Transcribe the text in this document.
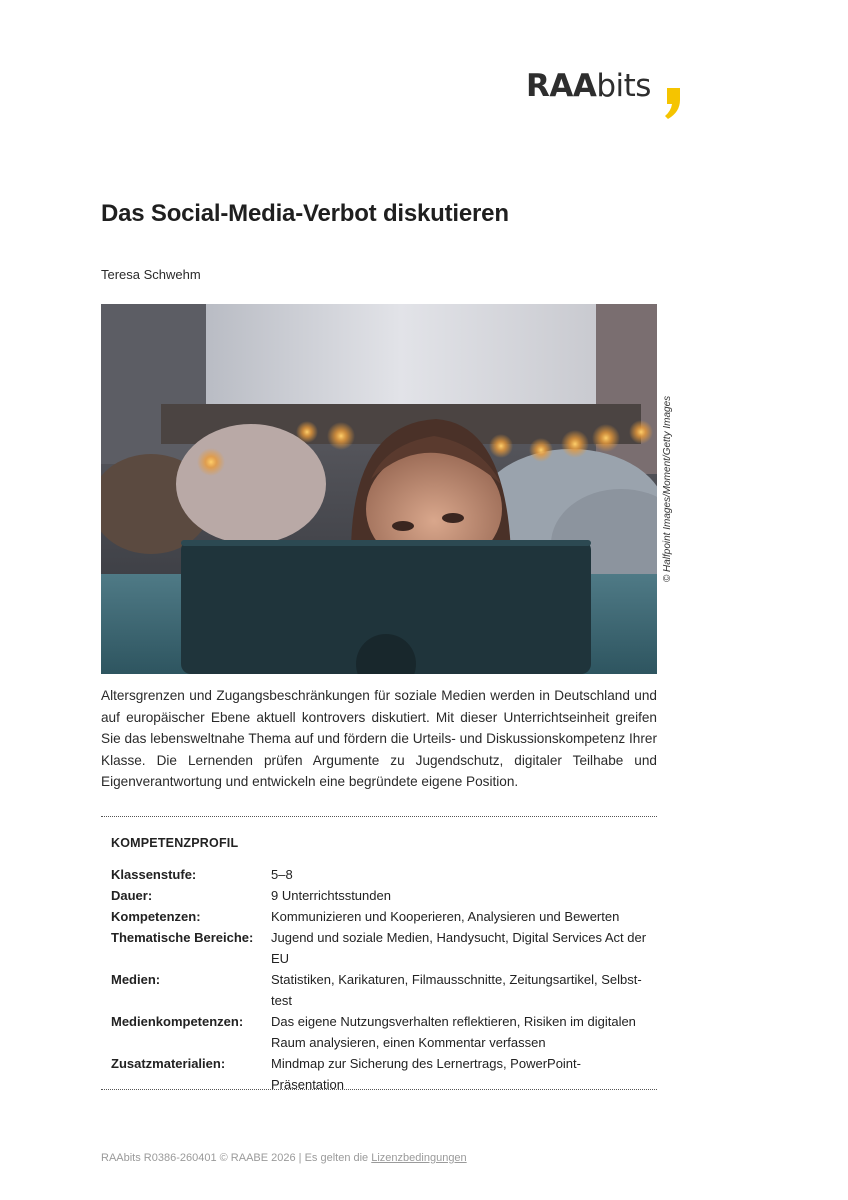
RAAbits
Das Social-Media-Verbot diskutieren
Teresa Schwehm
© Halfpoint Images/Moment/Getty Images

Altersgrenzen und Zugangsbeschränkungen für soziale Medien werden in Deutschland und auf europäischer Ebene aktuell kontrovers diskutiert. Mit dieser Unterrichtseinheit greifen Sie das lebensweltnahe Thema auf und fördern die Urteils- und Diskussionskompetenz Ihrer Klasse. Die Lernenden prüfen Argumente zu Jugendschutz, digitaler Teilhabe und Eigenverantwortung und entwickeln eine begründete eigene Position.

KOMPETENZPROFIL
Klassenstufe:	5–8
Dauer:	9 Unterrichtsstunden
Kompetenzen:	Kommunizieren und Kooperieren, Analysieren und Bewerten
Thematische Bereiche:	Jugend und soziale Medien, Handysucht, Digital Services Act der EU
Medien:	Statistiken, Karikaturen, Filmausschnitte, Zeitungsartikel, Selbst-test
Medienkompetenzen:	Das eigene Nutzungsverhalten reflektieren, Risiken im digitalen Raum analysieren, einen Kommentar verfassen
Zusatzmaterialien:	Mindmap zur Sicherung des Lernertrags, PowerPoint-Präsentation
RAAbits R0386-260401 © RAABE 2026 | Es gelten die Lizenzbedingungen
